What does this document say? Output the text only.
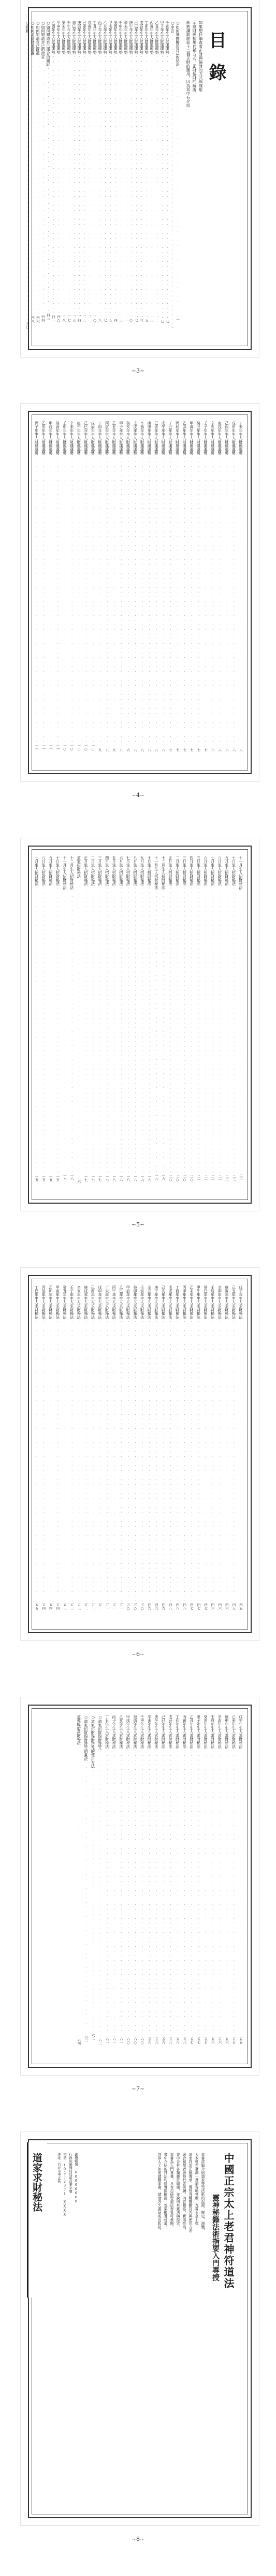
目錄
如果想仔細查看正財與偏財的方式與運用
示運財應採用何種方式。正財偏財的解說。
應熟讀前面前十二個正財的應用，因為其中有介紹
○如何選擇屬於自己的祕法······················································一
○序言·······························································一
壬寅年生人財運運勢·························································七
甲子年生人財運運勢·························································七
乙丑年生人財運運勢························································一二
丙寅年生人財運運勢························································一三
丁卯年生人財運運勢························································一五
戊辰年生人財運運勢························································一六
己巳年生人財運運勢························································一七
庚午年生人財運運勢························································二○
辛未年生人財運運勢························································二一
壬申年生人財運運勢························································二三
癸酉年生人財運運勢························································二四
甲戌年生人財運運勢························································二五
乙亥年生人財運運勢························································二七
丙子年生人財運運勢························································二八
丁丑年生人財運運勢························································三○
戊寅年生人財運運勢························································三一
己卯年生人財運運勢························································三三
庚辰年生人財運運勢························································三四
辛巳年生人財運運勢························································三五
壬午年生人財運運勢························································三七
癸未年生人財運運勢························································三八
甲申年生人財運運勢························································四○
乙酉年生人財運運勢························································四一
○如何知道自己適合的錢財·····················································四三
○如何知道自己的命宮·······················································四四
○如何知道自己財運························································四六
○如何消除財運障礙························································四八
○附錄······························································五○
~3~
丁未年生人財運運勢·······························································六
戊申年生人財運運勢·······························································六
己酉年生人財運運勢·······························································六
庚戌年生人財運運勢·······························································六
辛亥年生人財運運勢·······························································六
壬子年生人財運運勢·······························································七
癸丑年生人財運運勢·······························································七
甲寅年生人財運運勢·······························································七
乙卯年生人財運運勢·······························································七
丙辰年生人財運運勢·······························································七
丁巳年生人財運運勢·······························································七
戊午年生人財運運勢·······························································八
己未年生人財運運勢·······························································八
庚申年生人財運運勢·······························································八
辛酉年生人財運運勢·······························································八
壬戌年生人財運運勢·······························································八
癸亥年生人財運運勢·······························································九
甲子年生人財運運勢·······························································九
乙丑年生人財運運勢·······························································九
丙寅年生人財運運勢·······························································九
丁卯年生人財運運勢·······························································九
戊辰年生人財運運勢······························································一○
己巳年生人財運運勢······························································一○
庚午年生人財運運勢······························································一○
辛未年生人財運運勢······························································一○
壬申年生人財運運勢······························································一○
癸酉年生人財運運勢······························································一一
甲戌年生人財運運勢······························································一一
乙亥年生人財運運勢······························································一一
丙子年生人財運運勢······························································一一
~4~
十一月生人招財秘法·····························································二二
十月生人招財秘法······························································二二
九月生人招財秘法······························································二二
八月生人招財秘法······························································二一
七月生人招財秘法······························································二一
六月生人招財秘法······························································二一
五月生人招財秘法······························································二一
四月生人招財秘法······························································二○
三月生人招財秘法······························································二○
二月生人招財秘法······························································二○
正月生人招財秘法······························································二○
十二月生人招財秘法·····························································一九
十一月生人招財秘法·····························································一九
十月生人招財秘法······························································一九
九月生人招財秘法······························································一九
八月生人招財秘法······························································一八
七月生人招財秘法······························································一八
六月生人招財秘法······························································一八
五月生人招財秘法······························································一八
四月生人招財秘法······························································一七
三月生人招財秘法······························································一七
二月生人招財秘法······························································一七
正月生人招財秘法······························································一七
道家招財秘法································································一六
十二月生人招財秘法·····························································一六
十一月生人招財秘法·····························································一六
十月生人招財秘法······························································一五
九月生人招財秘法······························································一五
八月生人招財秘法······························································一五
七月生人招財秘法······························································一五
~5~
戊子年生人求財秘法·····························································四五
己丑年生人求財秘法·····························································四五
庚寅年生人求財秘法·····························································四六
辛卯年生人求財秘法·····························································四六
壬辰年生人求財秘法·····························································四六
癸巳年生人求財秘法·····························································四七
甲午年生人求財秘法·····························································四七
乙未年生人求財秘法·····························································四七
丙申年生人求財秘法·····························································四八
丁酉年生人求財秘法·····························································四八
戊戌年生人求財秘法·····························································四八
己亥年生人求財秘法·····························································四九
庚子年生人求財秘法·····························································四九
辛丑年生人求財秘法·····························································四九
壬寅年生人求財秘法·····························································五○
癸卯年生人求財秘法·····························································五○
甲辰年生人求財秘法·····························································五○
乙巳年生人求財秘法·····························································五一
丙午年生人求財秘法·····························································五一
丁未年生人求財秘法·····························································五一
戊申年生人求財秘法·····························································五二
己酉年生人求財秘法·····························································五二
庚戌年生人求財秘法·····························································五二
辛亥年生人求財秘法·····························································五三
壬子年生人求財秘法·····························································五三
癸丑年生人求財秘法·····························································五三
甲寅年生人求財秘法·····························································五四
乙卯年生人求財秘法·····························································五四
丙辰年生人求財秘法·····························································五四
丁巳年生人求財秘法·····························································五五
~6~
戊午年生人求財秘法······························································五五
己未年生人求財秘法······························································五五
庚申年生人求財秘法······························································五六
辛酉年生人求財秘法······························································五六
壬戌年生人求財秘法······························································五六
癸亥年生人求財秘法······························································五七
甲子年生人求財秘法······························································五七
乙丑年生人求財秘法······························································五七
丙寅年生人求財秘法······························································五八
丁卯年生人求財秘法······························································五八
戊辰年生人求財秘法······························································五八
己巳年生人求財秘法······························································五九
庚午年生人求財秘法······························································五九
辛未年生人求財秘法······························································五九
壬申年生人求財秘法······························································六○
癸酉年生人求財秘法······························································六○
甲戌年生人求財秘法······························································六○
乙亥年生人求財秘法······························································六一
丙子年生人求財秘法······························································六一
丁丑年生人求財秘法······························································六一
○道家招財保財符咒······························································六二
○道家招財保財符咒的使用方法·························································六二
○道家招財保財符咒的畫法···························································六二
道德經治萬財秘法·······························································六四
~7~
中國正宗太上老君神符道法
靈神秘籙法術指要入門專授
本書詳細介紹道家符咒法術的起源、歷史、演變、
大本營在臺灣一貫道各地宮廟、九霄玉皇上帝
道家符法正統傳承，傳授各種靈驗符咒與使用方法
適合初學者與修行者研讀，內容豐富，實用性高。
書中含有各類靈符圖樣，並說明其畫法與持咒。
本書為入門專書，凡有志研習道法者皆可參閱。
書中介紹的符法均經實際驗證，效果顯著可靠。
各界人士如需請購本書，請洽各大書局或出版社。
地址：台北市中正區 電話：(02)2371-XXXX 行政院新聞局局版台業字號 劃撥帳號 00000000
道家求財秘法
~8~
